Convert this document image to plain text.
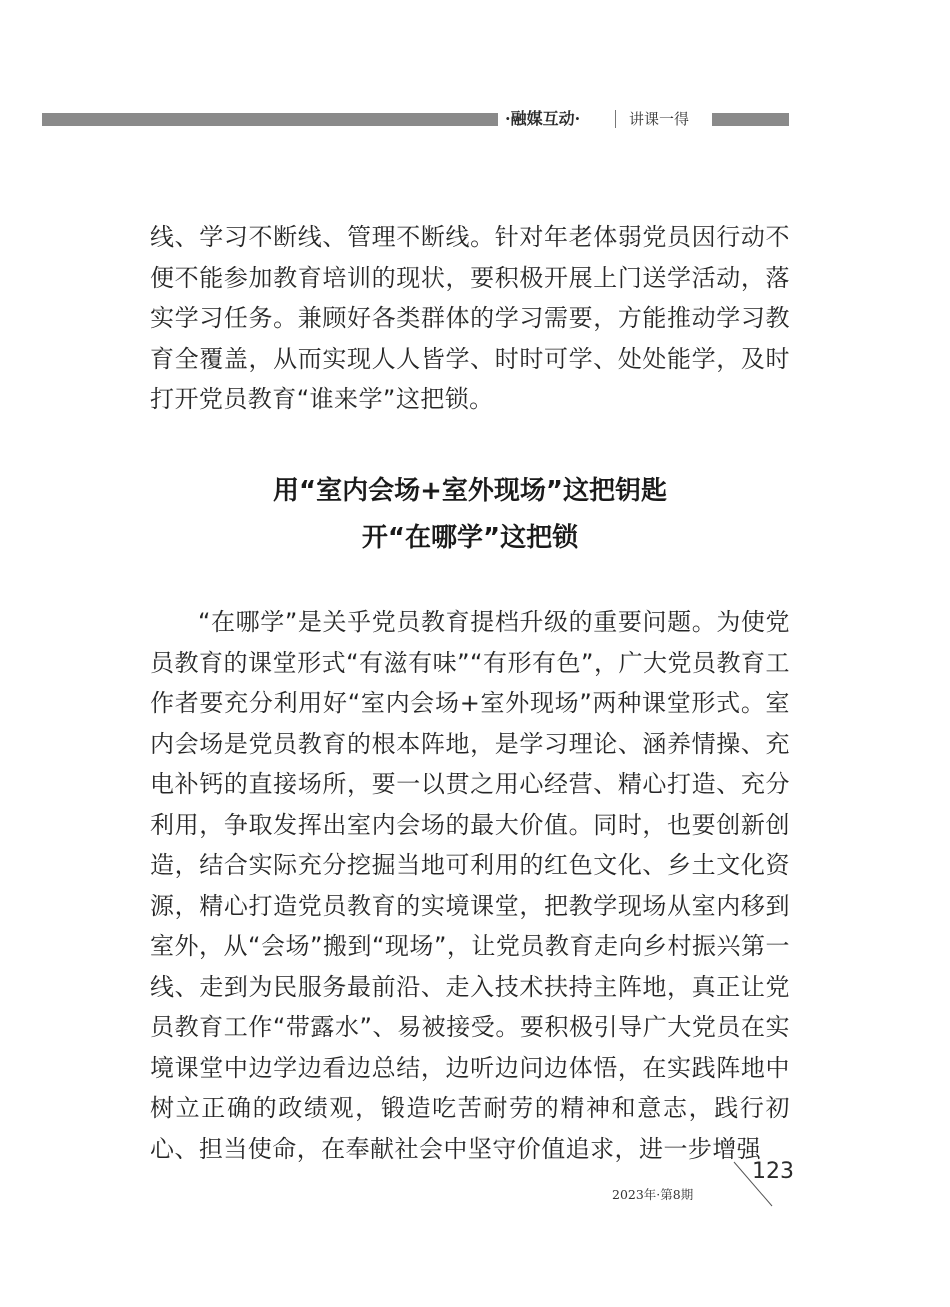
·融媒互动·	讲课一得
线、学习不断线、管理不断线。针对年老体弱党员因行动不便不能参加教育培训的现状，要积极开展上门送学活动，落实学习任务。兼顾好各类群体的学习需要，方能推动学习教育全覆盖，从而实现人人皆学、时时可学、处处能学，及时打开党员教育“谁来学”这把锁。
用“室内会场+室外现场”这把钥匙
开“在哪学”这把锁
“在哪学”是关乎党员教育提档升级的重要问题。为使党员教育的课堂形式“有滋有味”“有形有色”，广大党员教育工作者要充分利用好“室内会场+室外现场”两种课堂形式。室内会场是党员教育的根本阵地，是学习理论、涵养情操、充电补钙的直接场所，要一以贯之用心经营、精心打造、充分利用，争取发挥出室内会场的最大价值。同时，也要创新创造，结合实际充分挖掘当地可利用的红色文化、乡土文化资源，精心打造党员教育的实境课堂，把教学现场从室内移到室外，从“会场”搬到“现场”，让党员教育走向乡村振兴第一线、走到为民服务最前沿、走入技术扶持主阵地，真正让党员教育工作“带露水”、易被接受。要积极引导广大党员在实境课堂中边学边看边总结，边听边问边体悟，在实践阵地中树立正确的政绩观，锻造吃苦耐劳的精神和意志，践行初心、担当使命，在奉献社会中坚守价值追求，进一步增强
123
2023年·第8期
